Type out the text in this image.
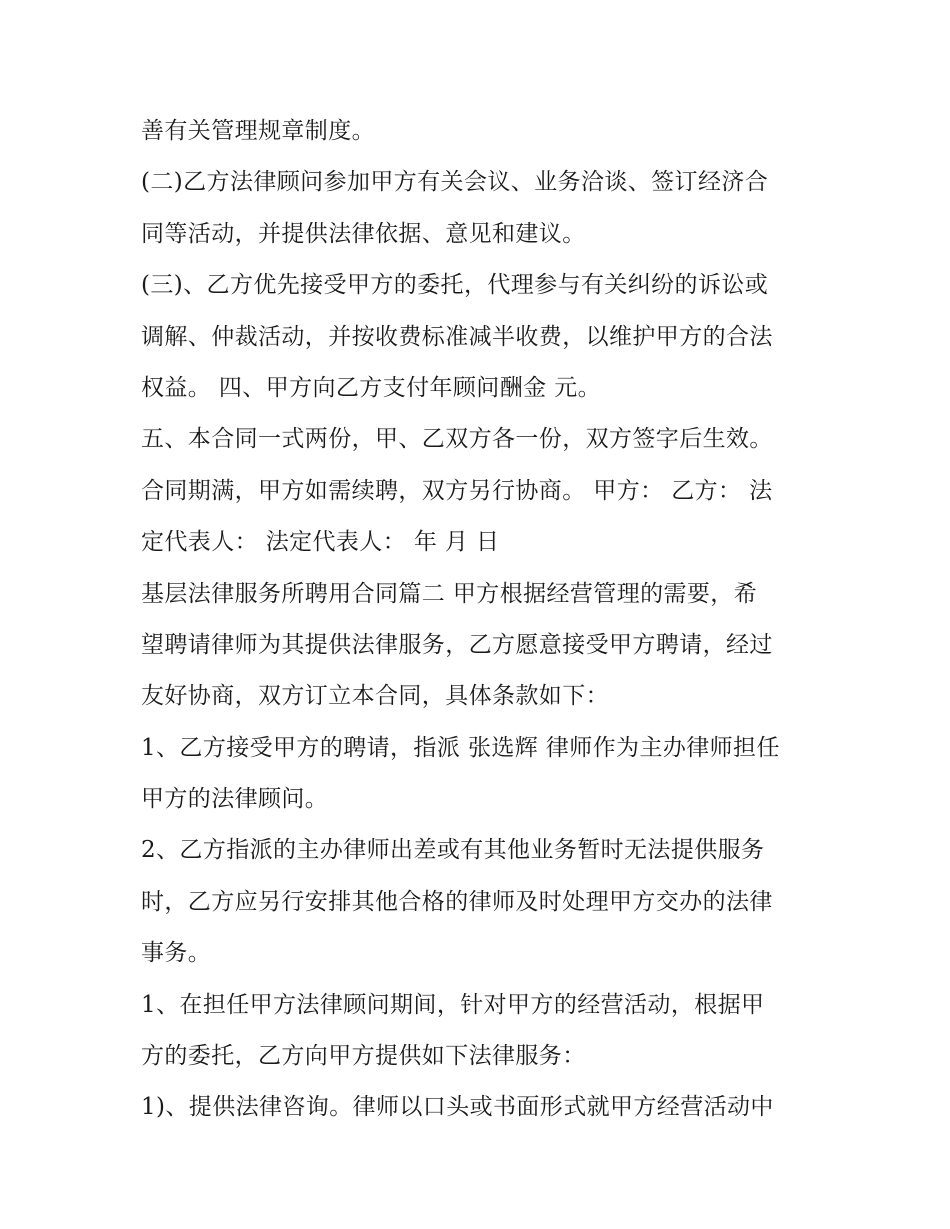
善有关管理规章制度。
(二)乙方法律顾问参加甲方有关会议、业务洽谈、签订经济合
同等活动，并提供法律依据、意见和建议。
(三)、乙方优先接受甲方的委托，代理参与有关纠纷的诉讼或
调解、仲裁活动，并按收费标准减半收费，以维护甲方的合法
权益。 四、甲方向乙方支付年顾问酬金 元。
五、本合同一式两份，甲、乙双方各一份，双方签字后生效。
合同期满，甲方如需续聘，双方另行协商。 甲方： 乙方： 法
定代表人： 法定代表人： 年 月 日
基层法律服务所聘用合同篇二 甲方根据经营管理的需要，希
望聘请律师为其提供法律服务，乙方愿意接受甲方聘请，经过
友好协商，双方订立本合同，具体条款如下：
1、乙方接受甲方的聘请，指派 张选辉 律师作为主办律师担任
甲方的法律顾问。
2、乙方指派的主办律师出差或有其他业务暂时无法提供服务
时，乙方应另行安排其他合格的律师及时处理甲方交办的法律
事务。
1、在担任甲方法律顾问期间，针对甲方的经营活动，根据甲
方的委托，乙方向甲方提供如下法律服务：
1)、提供法律咨询。律师以口头或书面形式就甲方经营活动中
